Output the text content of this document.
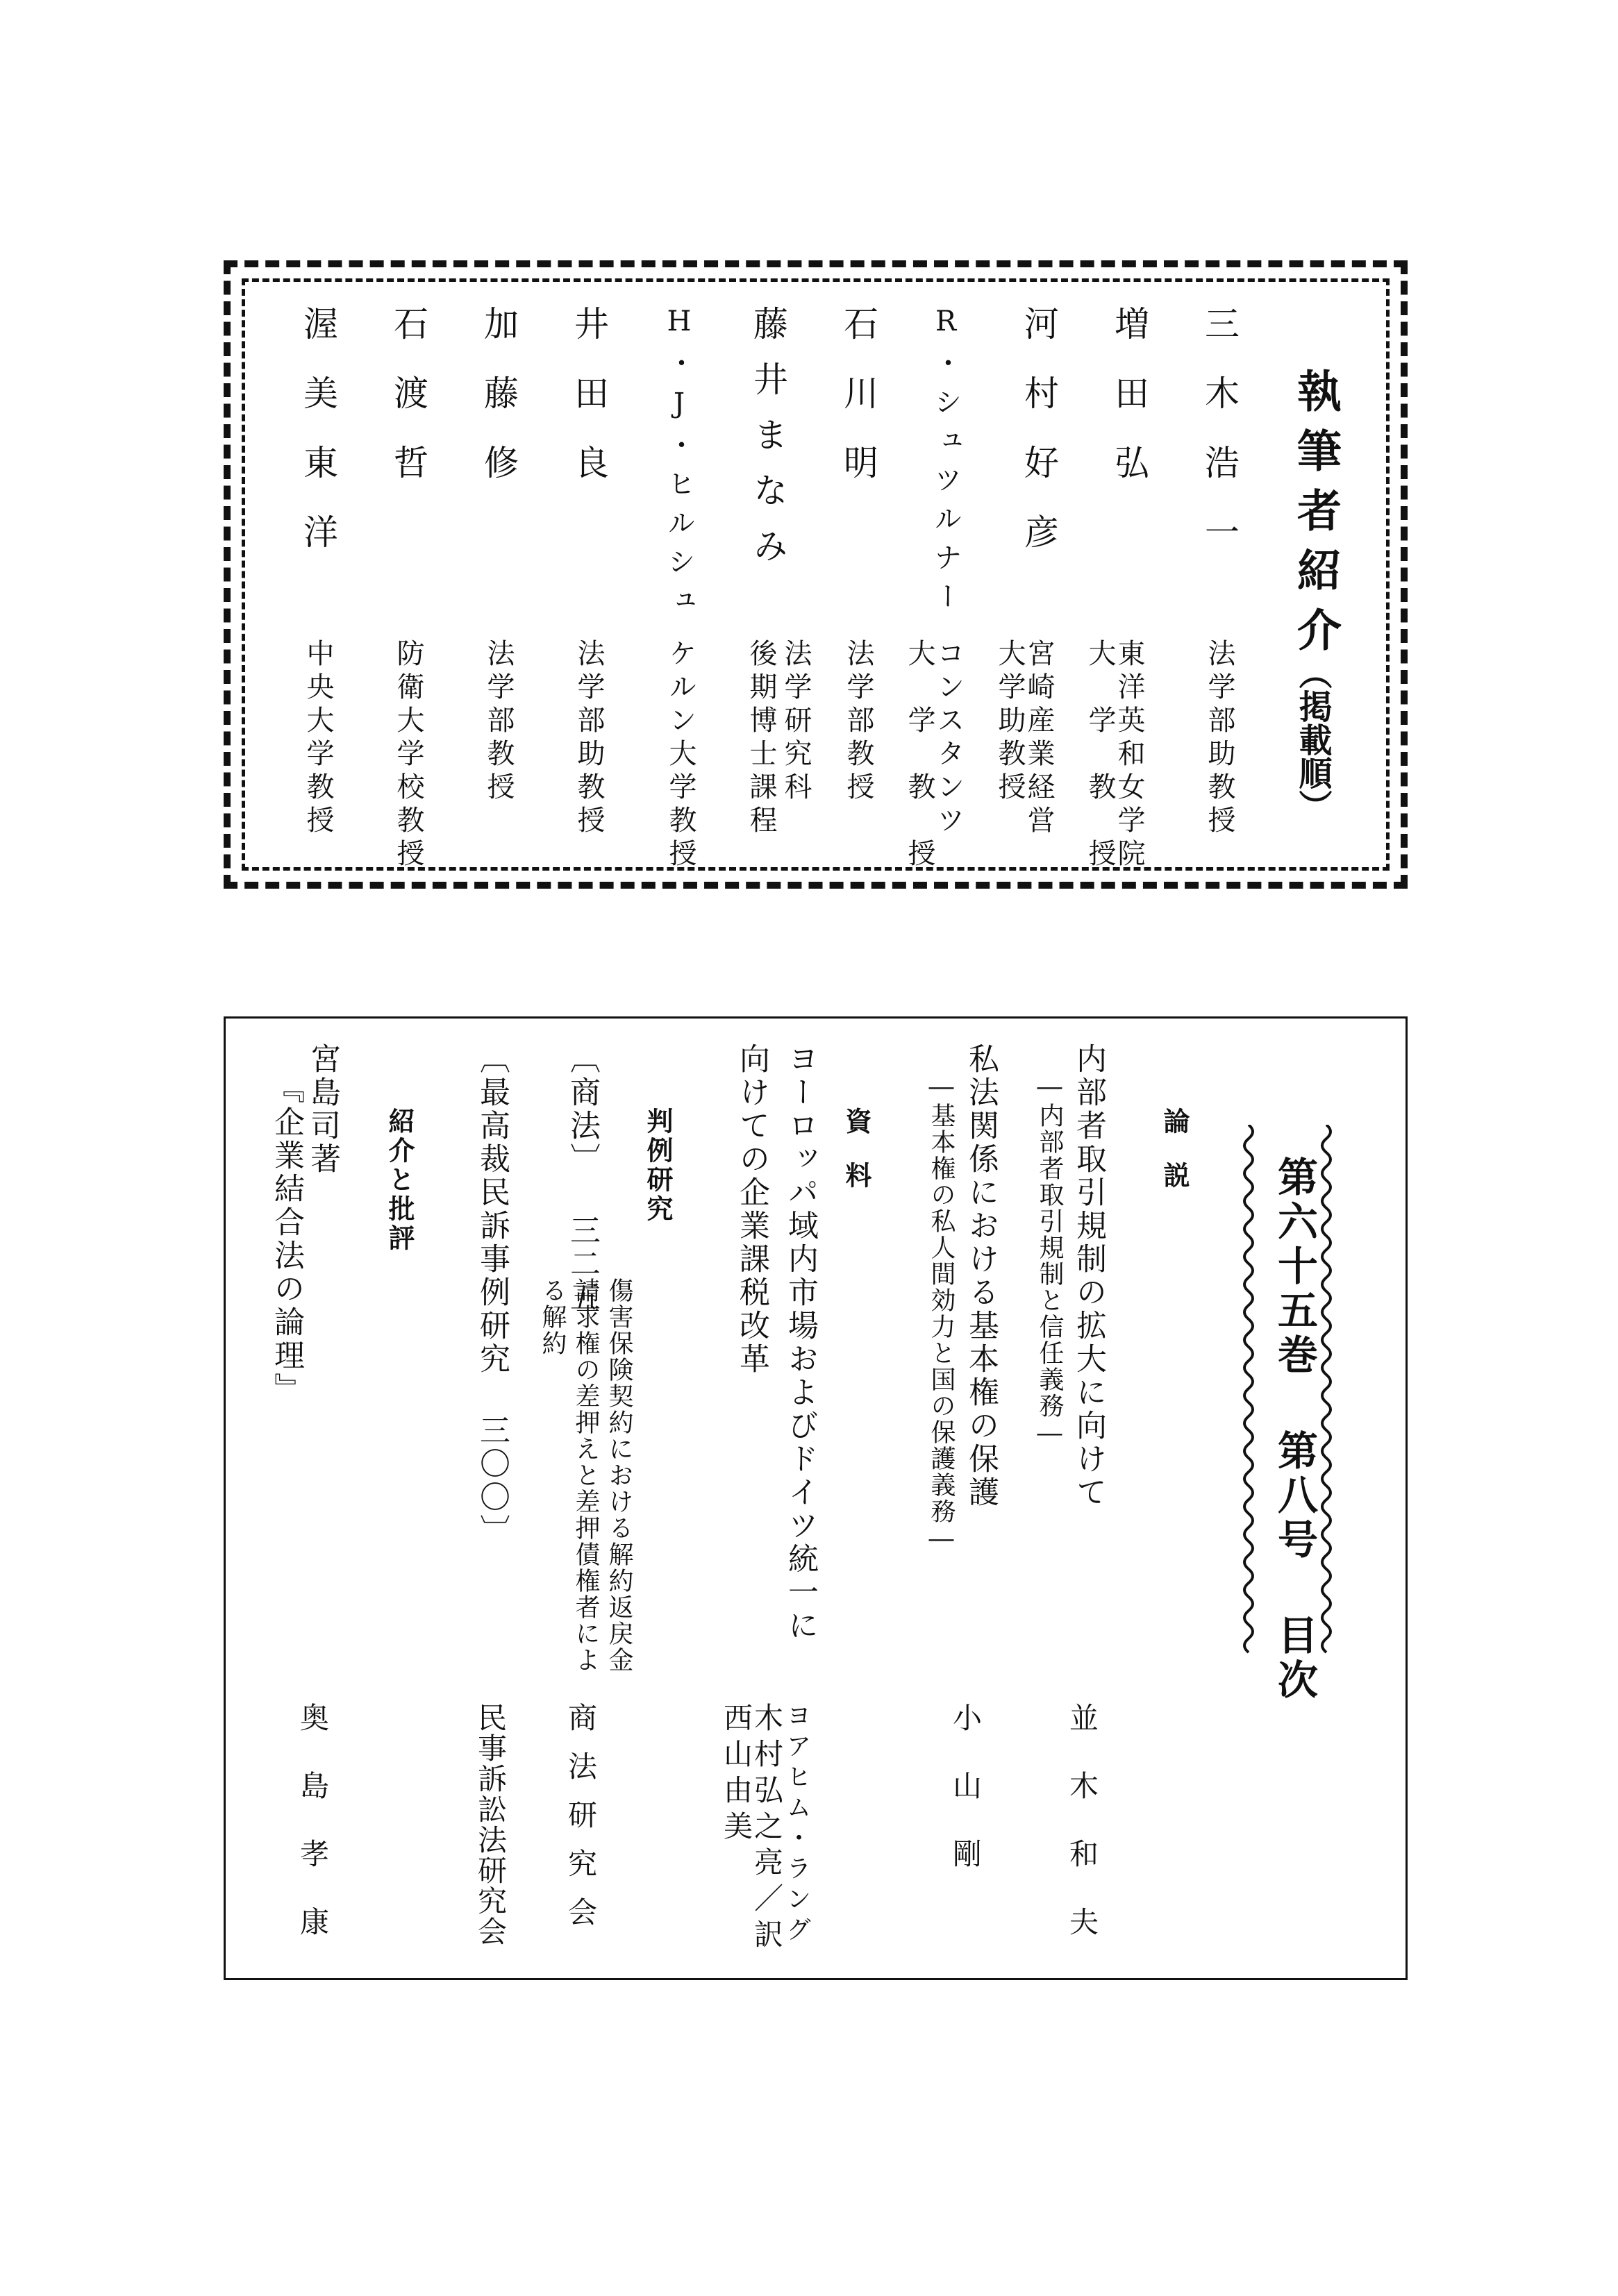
執筆者紹介
（掲載順）
三木浩一
増田弘
河村好彦
R・シュツルナー
石川明
藤井まなみ
H・J・ヒルシュ
井田良
加藤修
石渡哲
渥美東洋
法学部助教授
東洋英和女学院
大　学　教　授
宮崎産業経営
大学助教授
コンスタンツ
大　学　教　授
法学部教授
法学研究科
後期博士課程
ケルン大学教授
法学部助教授
法学部教授
防衛大学校教授
中央大学教授
第六十五巻 第八号 目次
論説
資料
判例研究
紹介と批評	内部者取引規制の拡大に向けて
―内部者取引規制と信任義務―
私法関係における基本権の保護
―基本権の私人間効力と国の保護義務―
ヨーロッパ域内市場およびドイツ統一に
向けての企業課税改革
〔商法〕 三二五
傷害保険契約における解約返戻金
請求権の差押えと差押債権者によ
る解約
〔最高裁民訴事例研究 三〇〇〕
宮島司著
『企業結合法の論理』
並木和夫
小山剛
ヨアヒム・ラング
木村弘之亮／訳
西山由美
商法研究会
民事訴訟法研究会
奥島孝康
